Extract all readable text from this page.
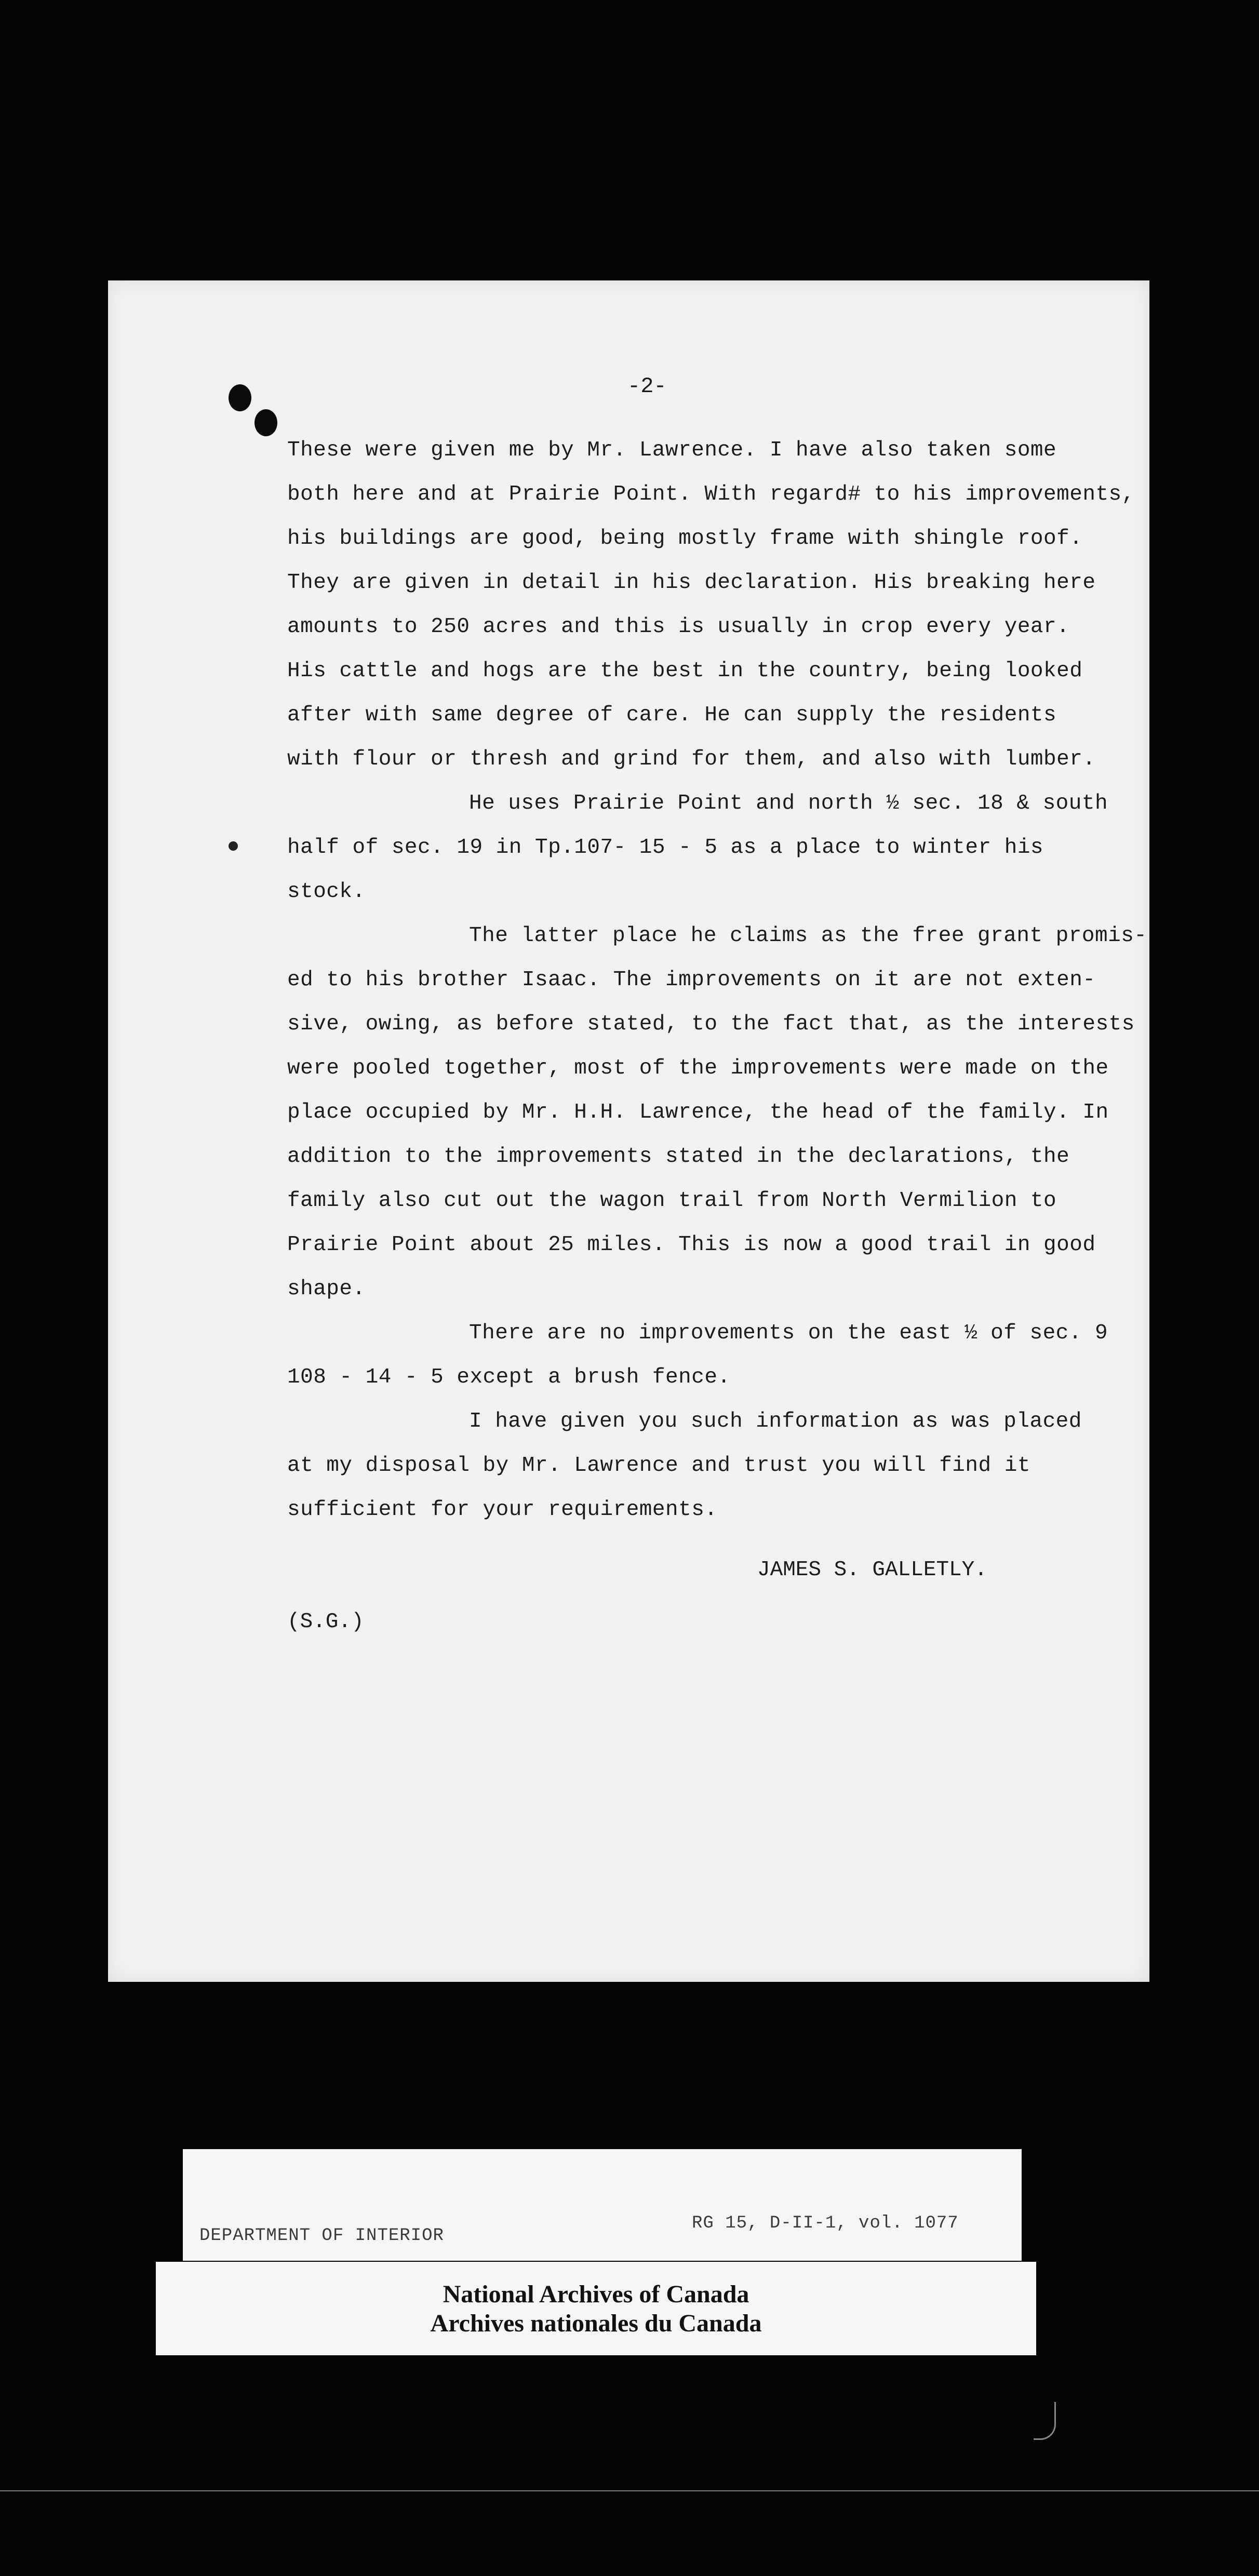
-2-
These were given me by Mr. Lawrence. I have also taken some
both here and at Prairie Point. With regard# to his improvements,
his buildings are good, being mostly frame with shingle roof.
They are given in detail in his declaration. His breaking here
amounts to 250 acres and this is usually in crop every year.
His cattle and hogs are the best in the country, being looked
after with same degree of care. He can supply the residents
with flour or thresh and grind for them, and also with lumber.
He uses Prairie Point and north ½ sec. 18 & south
half of sec. 19 in Tp.107- 15 - 5 as a place to winter his
stock.
The latter place he claims as the free grant promis-
ed to his brother Isaac. The improvements on it are not exten-
sive, owing, as before stated, to the fact that, as the interests
were pooled together, most of the improvements were made on the
place occupied by Mr. H.H. Lawrence, the head of the family. In
addition to the improvements stated in the declarations, the
family also cut out the wagon trail from North Vermilion to
Prairie Point about 25 miles. This is now a good trail in good
shape.
There are no improvements on the east ½ of sec. 9
108 - 14 - 5 except a brush fence.
I have given you such information as was placed
at my disposal by Mr. Lawrence and trust you will find it
sufficient for your requirements.
JAMES S. GALLETLY.
(S.G.)

DEPARTMENT OF INTERIOR

RG 15, D-II-1, vol. 1077

National Archives of Canada
Archives nationales du Canada
